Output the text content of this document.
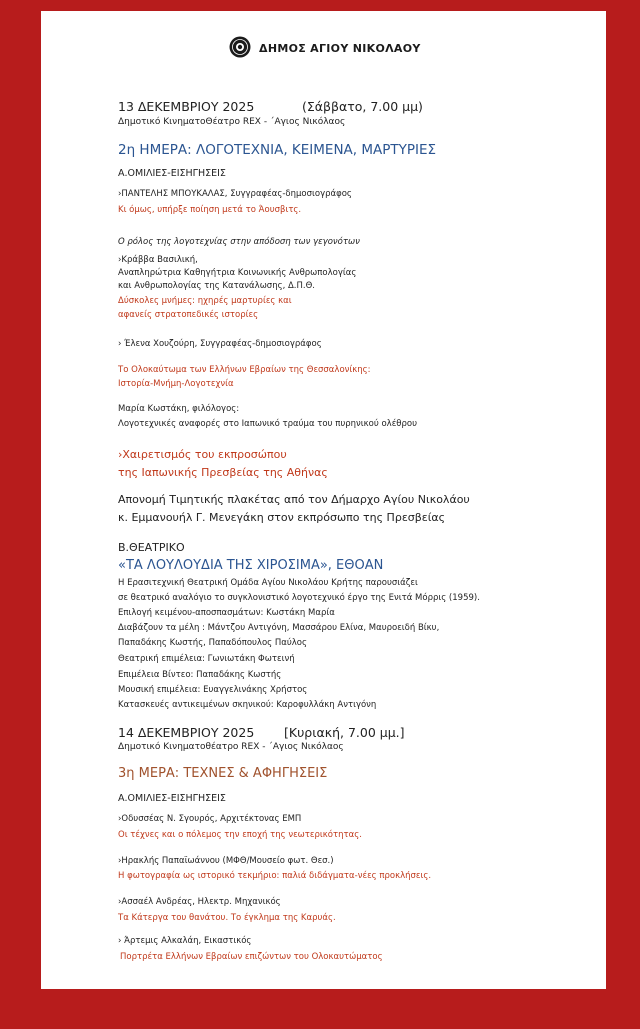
ΔΗΜΟΣ ΑΓΙΟΥ ΝΙΚΟΛΑΟΥ
13 ΔΕΚΕΜΒΡΙΟΥ 2025	(Σάββατο, 7.00 μμ)
Δημοτικό ΚινηματοΘέατρο REX - ΄Αγιος Νικόλαος
2η ΗΜΕΡΑ: ΛΟΓΟΤΕΧΝΙΑ, ΚΕΙΜΕΝΑ, ΜΑΡΤΥΡΙΕΣ
Α.ΟΜΙΛΙΕΣ-ΕΙΣΗΓΗΣΕΙΣ
›ΠΑΝΤΕΛΗΣ ΜΠΟΥΚΑΛΑΣ, Συγγραφέας-δημοσιογράφος
Κι όμως, υπήρξε ποίηση μετά το Άουσβιτς.
Ο ρόλος της λογοτεχνίας στην απόδοση των γεγονότων
›Κράββα Βασιλική,
Αναπληρώτρια Καθηγήτρια Κοινωνικής Ανθρωπολογίας
και Ανθρωπολογίας της Κατανάλωσης, Δ.Π.Θ.
Δύσκολες μνήμες: ηχηρές μαρτυρίες και
αφανείς στρατοπεδικές ιστορίες
› Έλενα Χουζούρη, Συγγραφέας-δημοσιογράφος
Το Ολοκαύτωμα των Ελλήνων Εβραίων της Θεσσαλονίκης:
Ιστορία-Μνήμη-Λογοτεχνία
Μαρία Κωστάκη, φιλόλογος:
Λογοτεχνικές αναφορές στο Ιαπωνικό τραύμα του πυρηνικού ολέθρου
›Χαιρετισμός του εκπροσώπου
της Ιαπωνικής Πρεσβείας της Αθήνας
Απονομή Τιμητικής πλακέτας από τον Δήμαρχο Αγίου Νικολάου
κ. Εμμανουήλ Γ. Μενεγάκη στον εκπρόσωπο της Πρεσβείας
Β.ΘΕΑΤΡΙΚΟ
«ΤΑ ΛΟΥΛΟΥΔΙΑ ΤΗΣ ΧΙΡΟΣΙΜΑ», ΕΘΟΑΝ
Η Ερασιτεχνική Θεατρική Ομάδα Αγίου Νικολάου Κρήτης παρουσιάζει
σε θεατρικό αναλόγιο το συγκλονιστικό λογοτεχνικό έργο της Ενιτά Μόρρις (1959).
Επιλογή κειμένου-αποσπασμάτων: Κωστάκη Μαρία
Διαβάζουν τα μέλη : Μάντζου Αντιγόνη, Μασσάρου Ελίνα, Μαυροειδή Βίκυ,
Παπαδάκης Κωστής, Παπαδόπουλος Παύλος
Θεατρική επιμέλεια: Γωνιωτάκη Φωτεινή
Επιμέλεια Βίντεο: Παπαδάκης Κωστής
Μουσική επιμέλεια: Ευαγγελινάκης Χρήστος
Κατασκευές αντικειμένων σκηνικού: Καροφυλλάκη Αντιγόνη
14 ΔΕΚΕΜΒΡΙΟΥ 2025 [Κυριακή, 7.00 μμ.]
Δημοτικό Κινηματοθέατρο REX - ΄Αγιος Νικόλαος
3η ΜΕΡΑ: ΤΕΧΝΕΣ & ΑΦΗΓΗΣΕΙΣ
Α.ΟΜΙΛΙΕΣ-ΕΙΣΗΓΗΣΕΙΣ
›Οδυσσέας Ν. Σγουρός, Αρχιτέκτονας ΕΜΠ
Οι τέχνες και ο πόλεμος την εποχή της νεωτερικότητας.
›Ηρακλής Παπαϊωάννου (ΜΦΘ/Μουσείο φωτ. Θεσ.)
Η φωτογραφία ως ιστορικό τεκμήριο: παλιά διδάγματα-νέες προκλήσεις.
›Ασσαέλ Ανδρέας, Ηλεκτρ. Μηχανικός
Τα Κάτεργα του θανάτου. Το έγκλημα της Καρυάς.
› Άρτεμις Αλκαλάη, Εικαστικός
Πορτρέτα Ελλήνων Εβραίων επιζώντων του Ολοκαυτώματος
